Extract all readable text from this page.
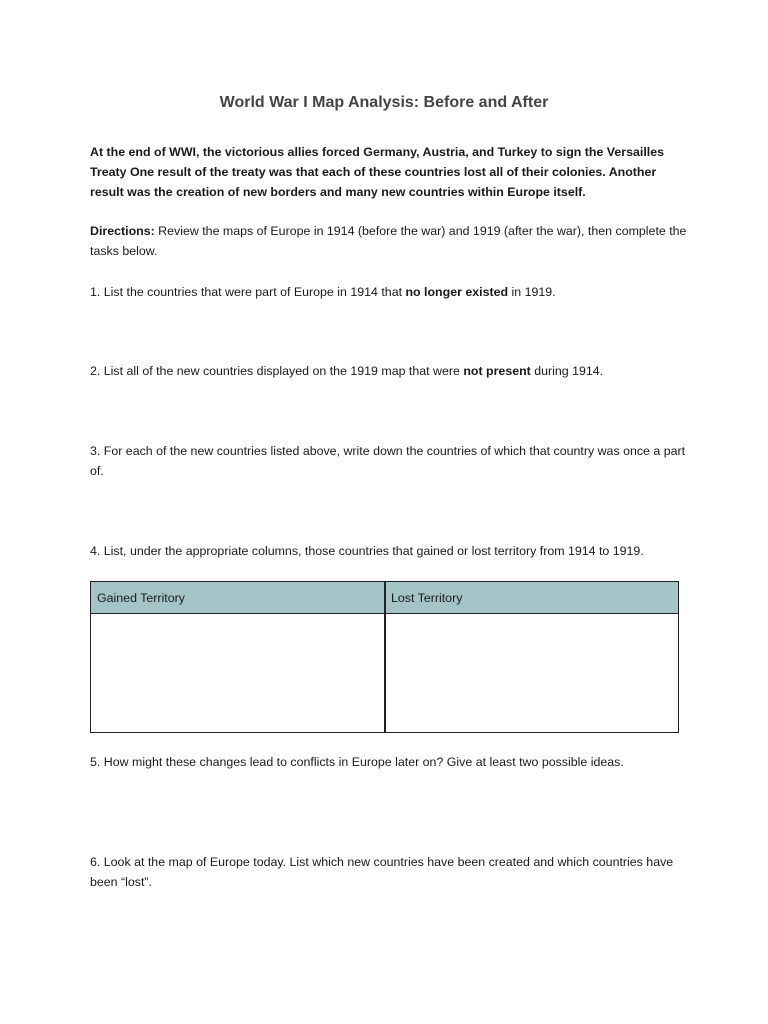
World War I Map Analysis: Before and After

At the end of WWI, the victorious allies forced Germany, Austria, and Turkey to sign the Versailles Treaty One result of the treaty was that each of these countries lost all of their colonies. Another result was the creation of new borders and many new countries within Europe itself.

Directions: Review the maps of Europe in 1914 (before the war) and 1919 (after the war), then complete the tasks below.

1. List the countries that were part of Europe in 1914 that no longer existed in 1919.

2. List all of the new countries displayed on the 1919 map that were not present during 1914.

3. For each of the new countries listed above, write down the countries of which that country was once a part of.

4. List, under the appropriate columns, those countries that gained or lost territory from 1914 to 1919.

Gained Territory	Lost Territory

5. How might these changes lead to conflicts in Europe later on? Give at least two possible ideas.

6. Look at the map of Europe today. List which new countries have been created and which countries have been “lost”.
